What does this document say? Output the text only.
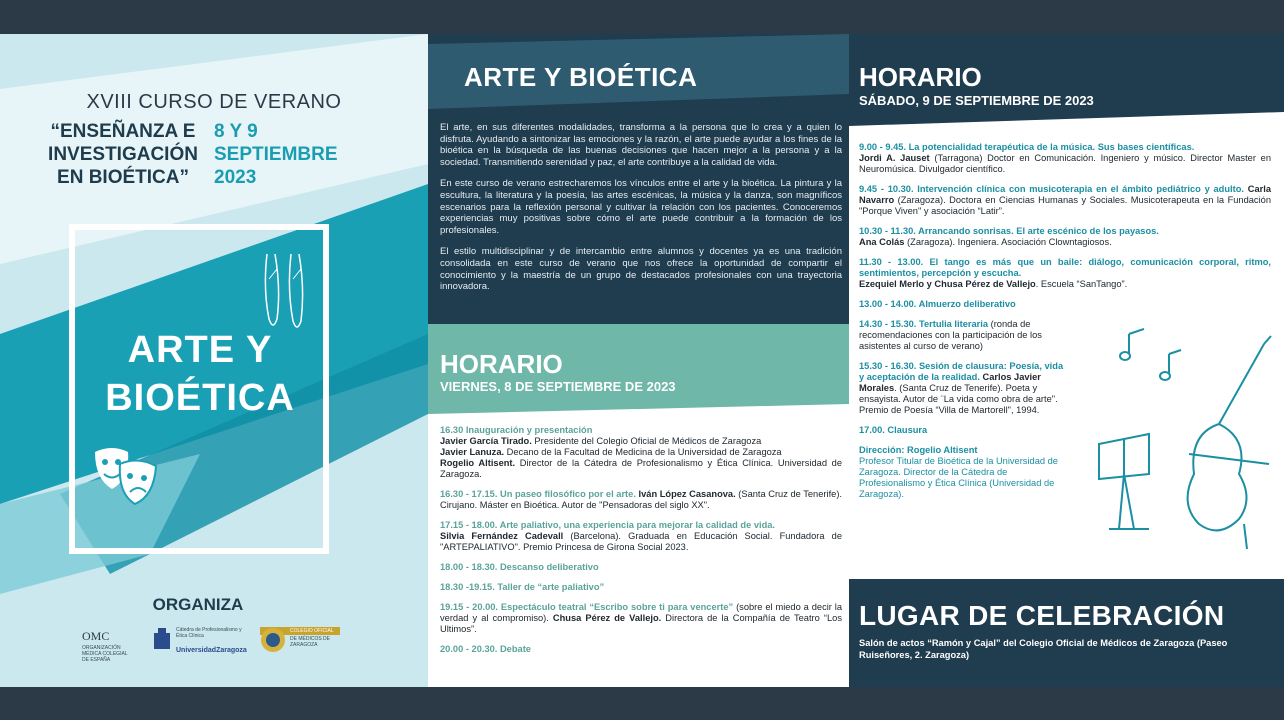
XVIII CURSO DE VERANO
“ENSEÑANZA E INVESTIGACIÓN EN BIOÉTICA”
8 Y 9 SEPTIEMBRE 2023
ARTE Y BIOÉTICA
ORGANIZA
OMC
ORGANIZACIÓN MÉDICA COLEGIAL DE ESPAÑA
Cátedra de Profesionalismo y Ética Clínica
UniversidadZaragoza
COLEGIO OFICIAL
DE MÉDICOS DE ZARAGOZA
ARTE Y BIOÉTICA

El arte, en sus diferentes modalidades, transforma a la persona que lo crea y a quien lo disfruta. Ayudando a sintonizar las emociones y la razón, el arte puede ayudar a los fines de la bioética en la búsqueda de las buenas decisiones que hacen mejor a la persona y a la sociedad. Transmitiendo serenidad y paz, el arte contribuye a la calidad de vida.

En este curso de verano estrecharemos los vínculos entre el arte y la bioética. La pintura y la escultura, la literatura y la poesía, las artes escénicas, la música y la danza, son magníficos escenarios para la reflexión personal y cultivar la relación con los pacientes. Conoceremos experiencias muy positivas sobre cómo el arte puede contribuir a la formación de los profesionales.

El estilo multidisciplinar y de intercambio entre alumnos y docentes ya es una tradición consolidada en este curso de verano que nos ofrece la oportunidad de compartir el conocimiento y la maestría de un grupo de destacados profesionales con una trayectoria innovadora.

HORARIO
VIERNES, 8 DE SEPTIEMBRE DE 2023
16.30 Inauguración y presentación
Javier García Tirado. Presidente del Colegio Oficial de Médicos de Zaragoza
Javier Lanuza. Decano de la Facultad de Medicina de la Universidad de Zaragoza
Rogelio Altisent. Director de la Cátedra de Profesionalismo y Ética Clínica. Universidad de Zaragoza.
16.30 - 17.15. Un paseo filosófico por el arte. Iván López Casanova. (Santa Cruz de Tenerife). Cirujano. Máster en Bioética. Autor de "Pensadoras del siglo XX".
17.15 - 18.00. Arte paliativo, una experiencia para mejorar la calidad de vida.
Silvia Fernández Cadevall (Barcelona). Graduada en Educación Social. Fundadora de "ARTEPALIATIVO". Premio Princesa de Girona Social 2023.
18.00 - 18.30. Descanso deliberativo
18.30 -19.15. Taller de “arte paliativo”
19.15 - 20.00. Espectáculo teatral “Escribo sobre ti para vencerte” (sobre el miedo a decir la verdad y al compromiso). Chusa Pérez de Vallejo. Directora de la Compañía de Teatro “Los Ultimos”.
20.00 - 20.30. Debate
HORARIO
SÁBADO, 9 DE SEPTIEMBRE DE 2023
9.00 - 9.45. La potencialidad terapéutica de la música. Sus bases científicas.
Jordi A. Jauset (Tarragona) Doctor en Comunicación. Ingeniero y músico. Director Master en Neuromúsica. Divulgador científico.
9.45 - 10.30. Intervención clínica con musicoterapia en el ámbito pediátrico y adulto. Carla Navarro (Zaragoza). Doctora en Ciencias Humanas y Sociales. Musicoterapeuta en la Fundación "Porque Viven" y asociación “Latir”.
10.30 - 11.30. Arrancando sonrisas. El arte escénico de los payasos.
Ana Colás (Zaragoza). Ingeniera. Asociación Clowntagiosos.
11.30 - 13.00. El tango es más que un baile: diálogo, comunicación corporal, ritmo, sentimientos, percepción y escucha.
Ezequiel Merlo y Chusa Pérez de Vallejo. Escuela “SanTango”.
13.00 - 14.00. Almuerzo deliberativo
14.30 - 15.30. Tertulia literaria (ronda de recomendaciones con la participación de los asistentes al curso de verano)
15.30 - 16.30. Sesión de clausura: Poesía, vida y aceptación de la realidad. Carlos Javier Morales. (Santa Cruz de Tenerife). Poeta y ensayista. Autor de ¨La vida como obra de arte". Premio de Poesía “Villa de Martorell", 1994.
17.00. Clausura
Dirección: Rogelio Altisent
Profesor Titular de Bioética de la Universidad de Zaragoza. Director de la Cátedra de Profesionalismo y Ética Clínica (Universidad de Zaragoza).
LUGAR DE CELEBRACIÓN
Salón de actos “Ramón y Cajal” del Colegio Oficial de Médicos de Zaragoza (Paseo Ruiseñores, 2. Zaragoza)
